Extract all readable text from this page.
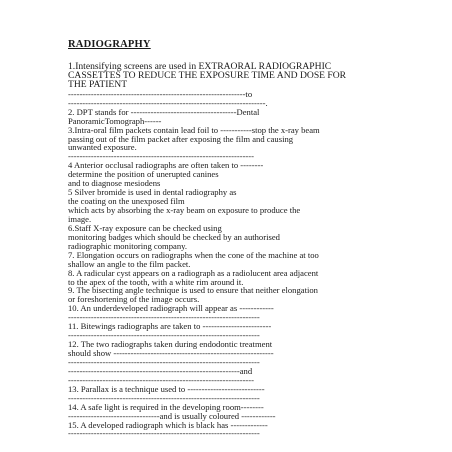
RADIOGRAPHY
1.Intensifying screens are used in EXTRAORAL RADIOGRAPHIC
CASSETTES TO REDUCE THE EXPOSURE TIME AND DOSE FOR
THE PATIENT
--------------------------------------------------------------to
---------------------------------------------------------------------.
2. DPT stands for -------------------------------------Dental
PanoramicTomograph------
3.Intra-oral film packets contain lead foil to -----------stop the x-ray beam
passing out of the film packet after exposing the film and causing
unwanted exposure.
-----------------------------------------------------------------
4 Anterior occlusal radiographs are often taken to --------
determine the position of unerupted canines
and to diagnose mesiodens
5 Silver bromide is used in dental radiography as
the coating on the unexposed film
which acts by absorbing the x-ray beam on exposure to produce the
image.
6.Staff X-ray exposure can be checked using
monitoring badges which should be checked by an authorised
radiographic monitoring company.
7. Elongation occurs on radiographs when the cone of the machine at too
shallow an angle to the film packet.
8. A radicular cyst appears on a radiograph as a radiolucent area adjacent
to the apex of the tooth, with a white rim around it.
9. The bisecting angle technique is used to ensure that neither elongation
or foreshortening of the image occurs.
10. An underdeveloped radiograph will appear as ------------
-------------------------------------------------------------------
11. Bitewings radiographs are taken to ------------------------
-------------------------------------------------------------------
12. The two radiographs taken during endodontic treatment
should show --------------------------------------------------------
-------------------------------------------------------------------
------------------------------------------------------------and
-----------------------------------------------------------------
13. Parallax is a technique used to ---------------------------
-------------------------------------------------------------------
14. A safe light is required in the developing room--------
--------------------------------and is usually coloured ------------
15. A developed radiograph which is black has -------------
-------------------------------------------------------------------
